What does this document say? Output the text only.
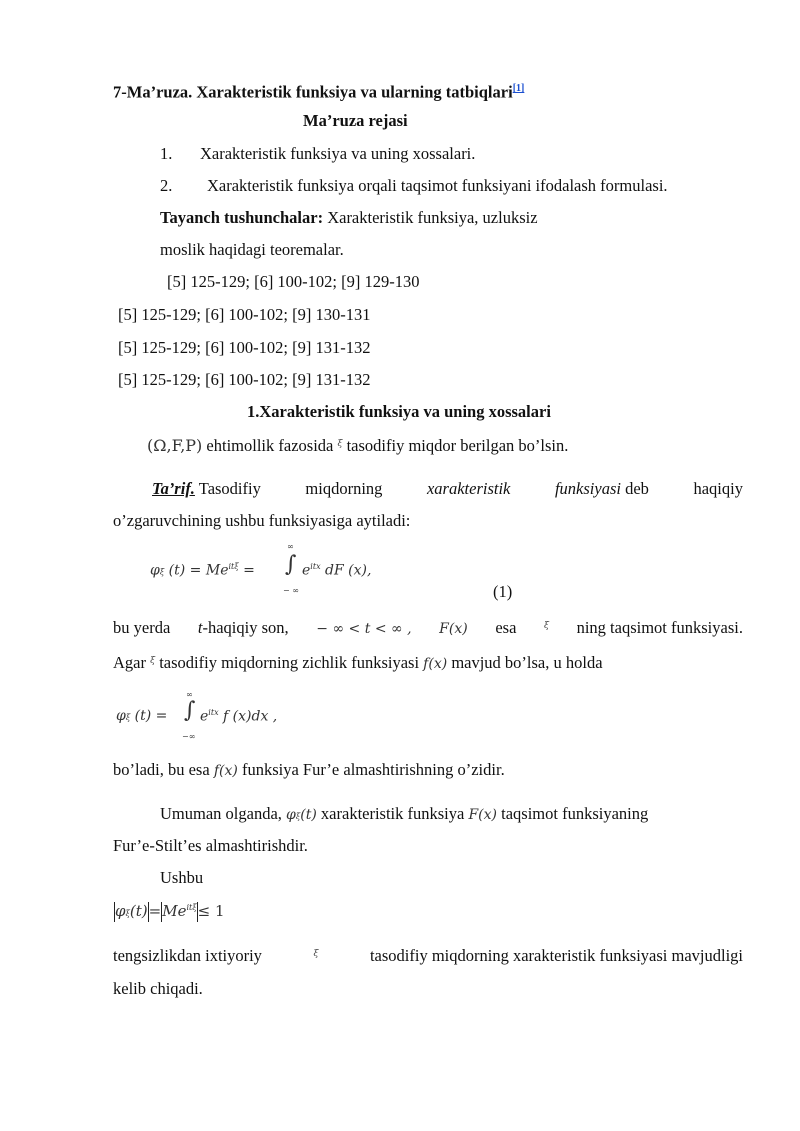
7-Ma’ruza. Xarakteristik funksiya va ularning tatbiqlari[1]
Ma’ruza rejasi
1. Xarakteristik funksiya va uning xossalari.
2. Xarakteristik funksiya orqali taqsimot funksiyani ifodalash formulasi.
Tayanch tushunchalar: Xarakteristik funksiya, uzluksiz
moslik haqidagi teoremalar.
[5] 125-129; [6] 100-102; [9] 129-130
[5] 125-129; [6] 100-102; [9] 130-131
[5] 125-129; [6] 100-102; [9] 131-132
[5] 125-129; [6] 100-102; [9] 131-132
1.Xarakteristik funksiya va uning xossalari
(Ω,F,P) ehtimollik fazosida ξ tasodifiy miqdor berilgan bo’lsin.
Ta’rif. Tasodifiy	miqdorning	xarakteristik	funksiyasi deb	haqiqiy
o’zgaruvchining ushbu funksiyasiga aytiladi:
φξ $(t) = Me^{it\xi}$ =
∞
∫
− ∞
$e^{itx}$ dF (x),
(1)
bu yerda t-haqiqiy son, − ∞ < t < ∞ , F(x) esa	ξ ning taqsimot funksiyasi.
Agar ξ tasodifiy miqdorning zichlik funksiyasi f(x) mavjud bo’lsa, u holda
φξ (t) =
∞
∫
−∞
$e^{itx}$ f (x)dx ,
bo’ladi, bu esa f(x) funksiya Fur’e almashtirishning o’zidir.
Umuman olganda, φξ(t) xarakteristik funksiya F(x) taqsimot funksiyaning
Fur’e-Stilt’es almashtirishdir.
Ushbu
$\varphi\xi(t)=Me^{it\xi}\le 1$
tengsizlikdan ixtiyoriy	ξ	tasodifiy miqdorning xarakteristik funksiyasi mavjudligi
kelib chiqadi.
